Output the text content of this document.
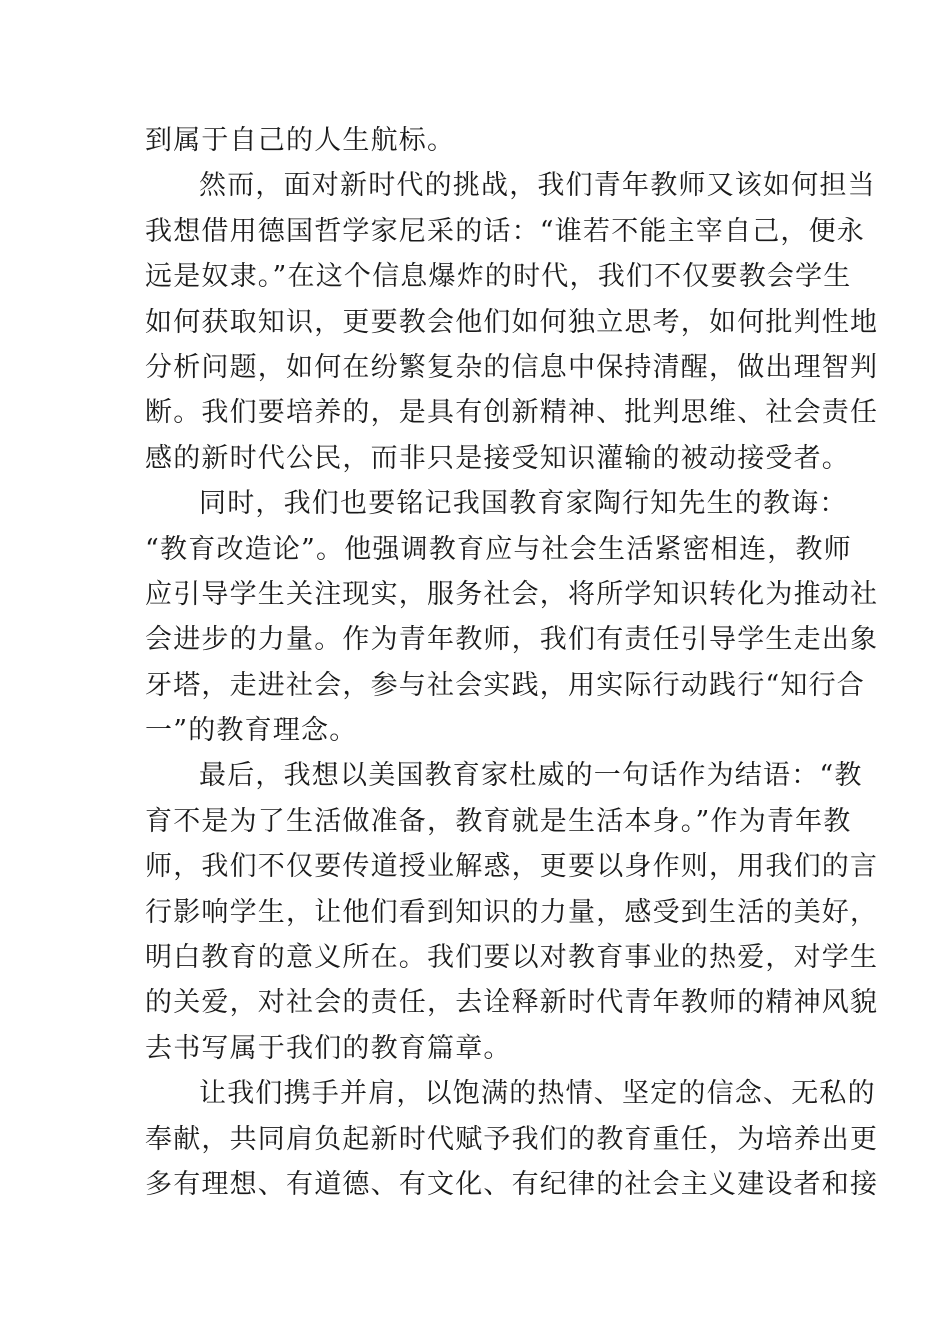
到属于自己的人生航标。
然而，面对新时代的挑战，我们青年教师又该如何担当
我想借用德国哲学家尼采的话：“谁若不能主宰自己，便永
远是奴隶。”在这个信息爆炸的时代，我们不仅要教会学生
如何获取知识，更要教会他们如何独立思考，如何批判性地
分析问题，如何在纷繁复杂的信息中保持清醒，做出理智判
断。我们要培养的，是具有创新精神、批判思维、社会责任
感的新时代公民，而非只是接受知识灌输的被动接受者。
同时，我们也要铭记我国教育家陶行知先生的教诲：
“教育改造论”。他强调教育应与社会生活紧密相连，教师
应引导学生关注现实，服务社会，将所学知识转化为推动社
会进步的力量。作为青年教师，我们有责任引导学生走出象
牙塔，走进社会，参与社会实践，用实际行动践行“知行合
一”的教育理念。
最后，我想以美国教育家杜威的一句话作为结语：“教
育不是为了生活做准备，教育就是生活本身。”作为青年教
师，我们不仅要传道授业解惑，更要以身作则，用我们的言
行影响学生，让他们看到知识的力量，感受到生活的美好，
明白教育的意义所在。我们要以对教育事业的热爱，对学生
的关爱，对社会的责任，去诠释新时代青年教师的精神风貌
去书写属于我们的教育篇章。
让我们携手并肩，以饱满的热情、坚定的信念、无私的
奉献，共同肩负起新时代赋予我们的教育重任，为培养出更
多有理想、有道德、有文化、有纪律的社会主义建设者和接
